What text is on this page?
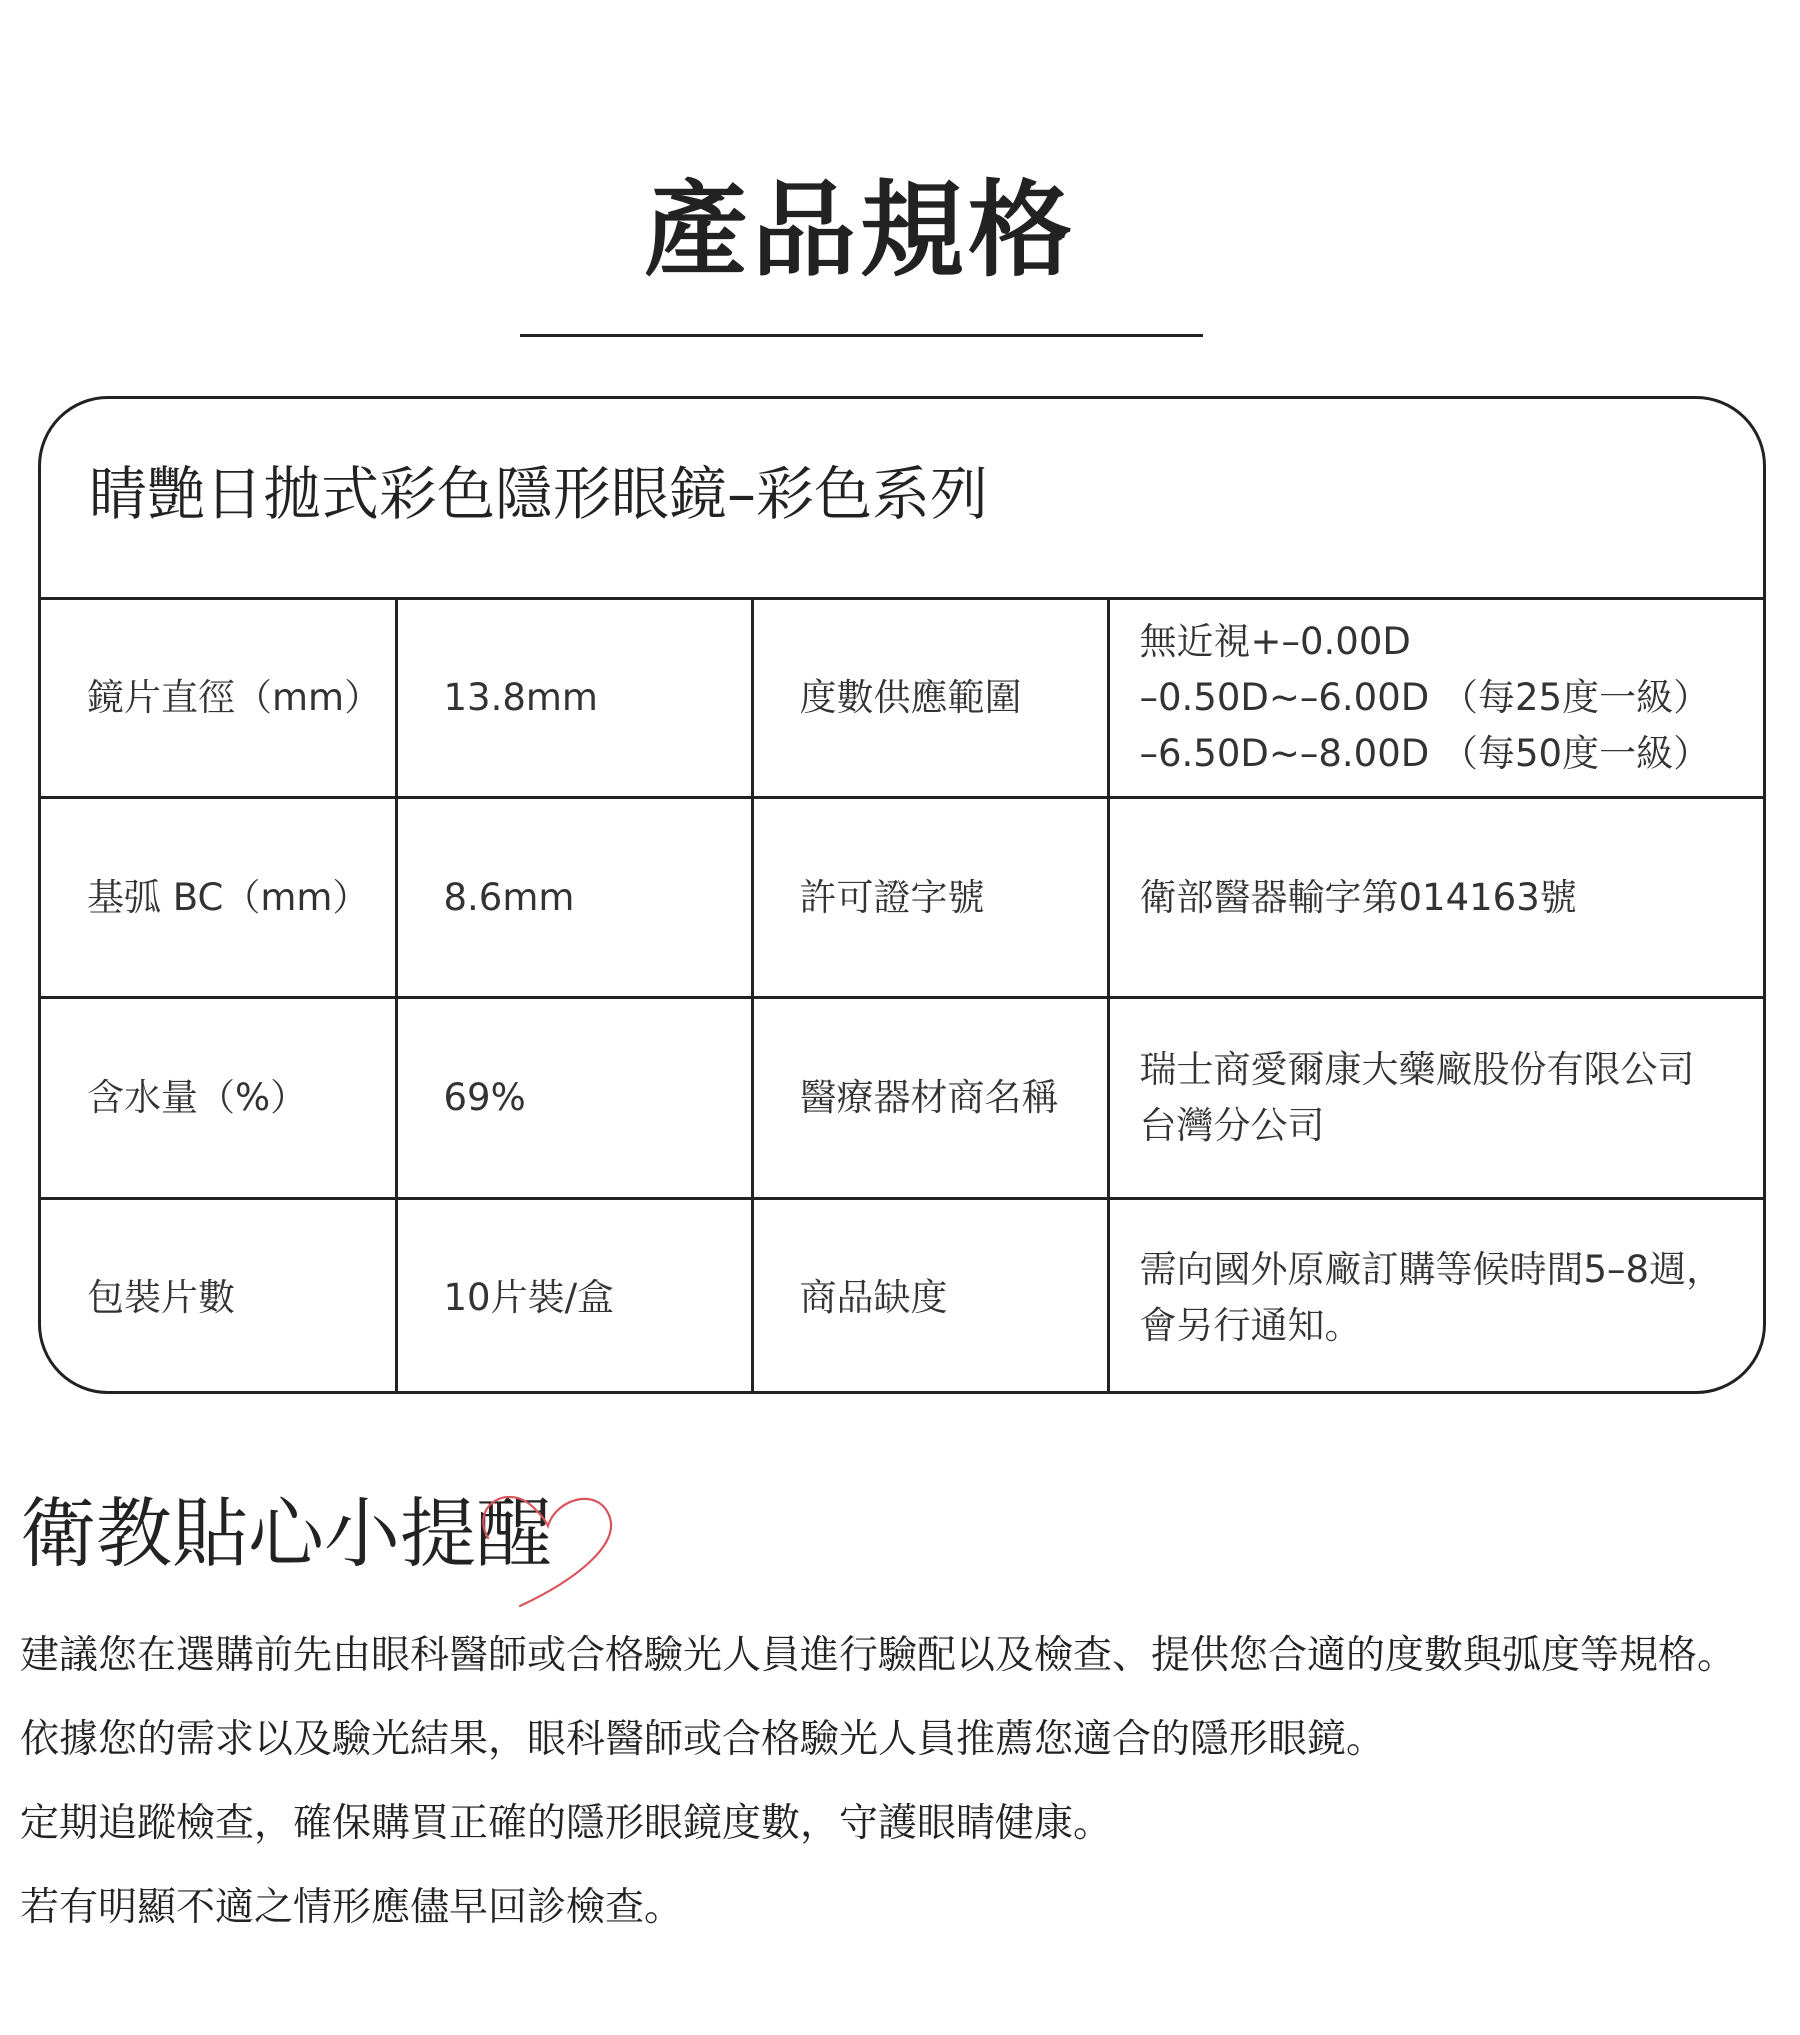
產品規格
睛艷日拋式彩色隱形眼鏡–彩色系列
鏡片直徑（mm）	13.8mm	度數供應範圍	無近視+–0.00D
–0.50D~–6.00D （每25度一級）
–6.50D~–8.00D （每50度一級）

基弧 BC（mm）	8.6mm	許可證字號	衛部醫器輸字第014163號
含水量（%）	69%	醫療器材商名稱	瑞士商愛爾康大藥廠股份有限公司
台灣分公司

包裝片數	10片裝/盒	商品缺度	需向國外原廠訂購等候時間5–8週，
會另行通知。
衛教貼心小提醒
建議您在選購前先由眼科醫師或合格驗光人員進行驗配以及檢查、提供您合適的度數與弧度等規格。
依據您的需求以及驗光結果，眼科醫師或合格驗光人員推薦您適合的隱形眼鏡。
定期追蹤檢查，確保購買正確的隱形眼鏡度數，守護眼睛健康。
若有明顯不適之情形應儘早回診檢查。
